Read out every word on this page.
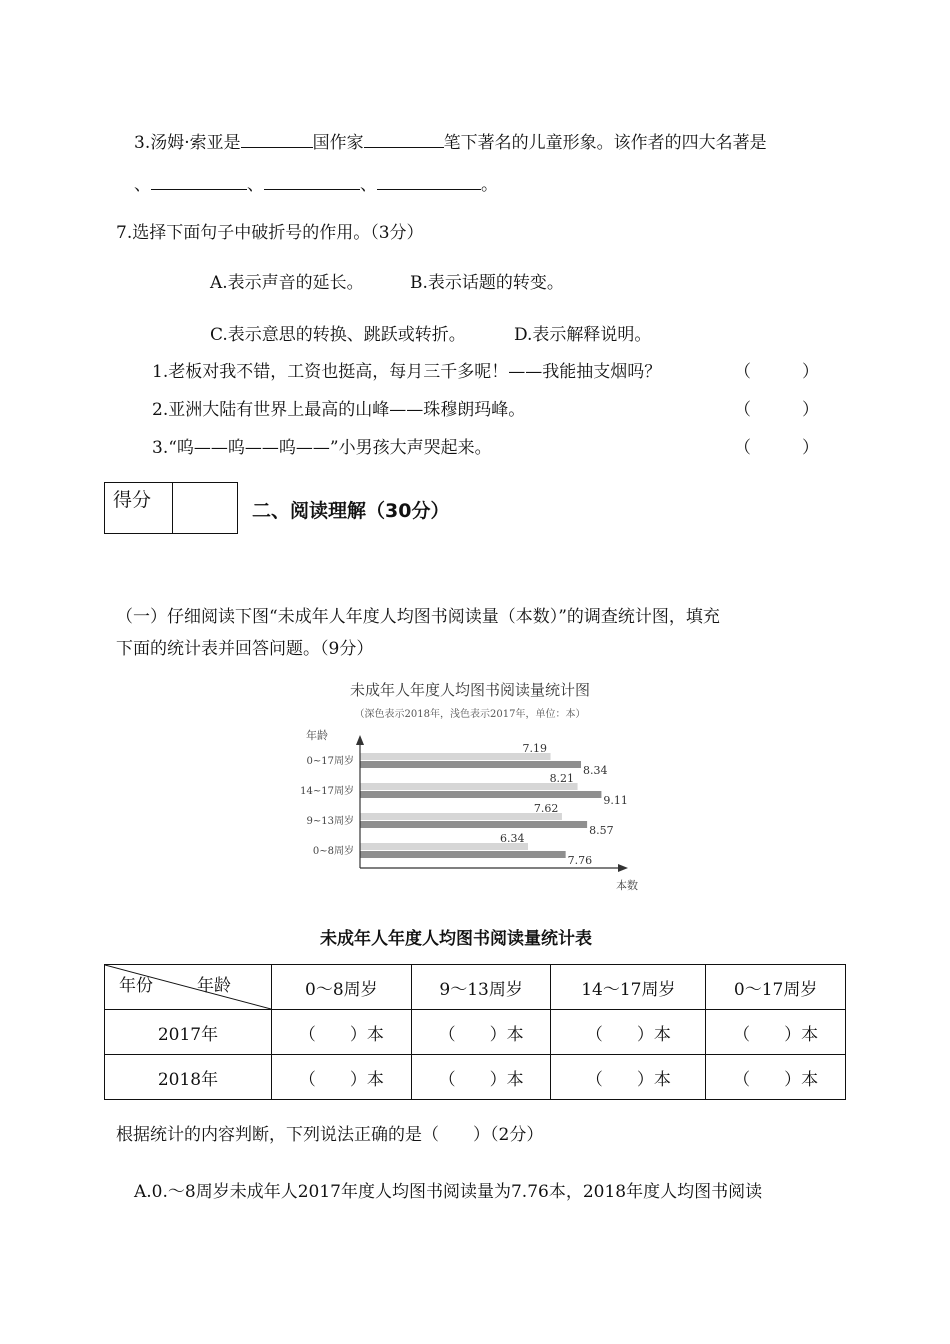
3.汤姆·索亚是	国作家	笔下著名的儿童形象。该作者的四大名著是
、	、	、	。
7.选择下面句子中破折号的作用。（3分）
A.表示声音的延长。	B.表示话题的转变。
C.表示意思的转换、跳跃或转折。	D.表示解释说明。
1.老板对我不错，工资也挺高，每月三千多呢！——我能抽支烟吗？	（　　　）
2.亚洲大陆有世界上最高的山峰——珠穆朗玛峰。	（　　　）
3.“呜——呜——呜——”小男孩大声哭起来。	（　　　）
得分	二、阅读理解（30分）
（一）仔细阅读下图“未成年人年度人均图书阅读量（本数）”的调查统计图，填充
下面的统计表并回答问题。（9分）
未成年人年度人均图书阅读量统计图
（深色表示2018年，浅色表示2017年，单位：本）
年龄
本数
0~17周岁
7.19
8.34
14~17周岁
8.21
9.11
9~13周岁
7.62
8.57
0~8周岁
6.34
7.76
未成年人年度人均图书阅读量统计表
年份 年龄	0～8周岁	9～13周岁	14～17周岁	0～17周岁
2017年	（　　）本	（　　）本	（　　）本	（　　）本
2018年	（　　）本	（　　）本	（　　）本	（　　）本
根据统计的内容判断，下列说法正确的是（　　）（2分）
A.0.～8周岁未成年人2017年度人均图书阅读量为7.76本，2018年度人均图书阅读
